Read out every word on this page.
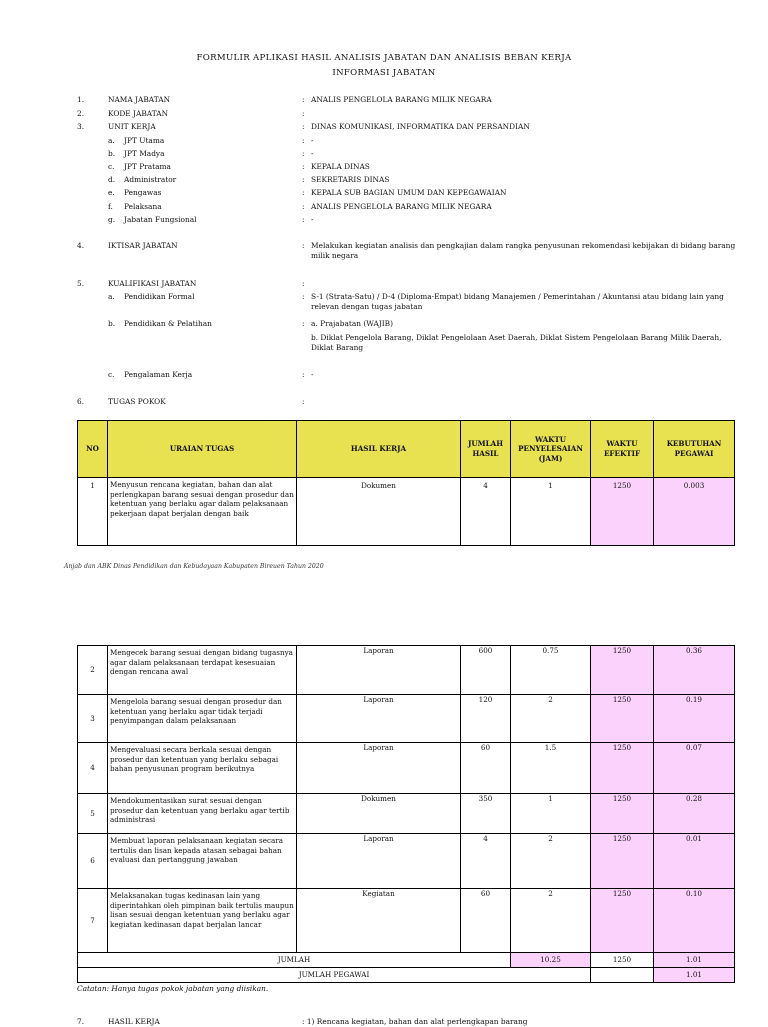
FORMULIR APLIKASI HASIL ANALISIS JABATAN DAN ANALISIS BEBAN KERJA
INFORMASI JABATAN
1.	NAMA JABATAN	: ANALIS PENGELOLA BARANG MILIK NEGARA
2.	KODE JABATAN	:
3.	UNIT KERJA	: DINAS KOMUNIKASI, INFORMATIKA DAN PERSANDIAN
a. JPT Utama	: -
b. JPT Madya	: -
c. JPT Pratama	: KEPALA DINAS
d. Administrator	: SEKRETARIS DINAS
e. Pengawas	: KEPALA SUB BAGIAN UMUM DAN KEPEGAWAIAN
f. Pelaksana	: ANALIS PENGELOLA BARANG MILIK NEGARA
g. Jabatan Fungsional	: -
4.	IKTISAR JABATAN	: Melakukan kegiatan analisis dan pengkajian dalam rangka penyusunan rekomendasi kebijakan di bidang barang milik negara
5.	KUALIFIKASI JABATAN	:
a. Pendidikan Formal	: S-1 (Strata-Satu) / D-4 (Diploma-Empat) bidang Manajemen / Pemerintahan / Akuntansi atau bidang lain yang relevan dengan tugas jabatan
b. Pendidikan & Pelatihan	: a. Prajabatan (WAJIB)
b. Diklat Pengelola Barang, Diklat Pengelolaan Aset Daerah, Diklat Sistem Pengelolaan Barang Milik Daerah, Diklat Barang
c. Pengalaman Kerja	: -
6.	TUGAS POKOK	:
NO	URAIAN TUGAS	HASIL KERJA	JUMLAH HASIL	WAKTU PENYELESAIAN (JAM)	WAKTU EFEKTIF	KEBUTUHAN PEGAWAI
1	Menyusun rencana kegiatan, bahan dan alat perlengkapan barang sesuai dengan prosedur dan ketentuan yang berlaku agar dalam pelaksanaan pekerjaan dapat berjalan dengan baik	Dokumen	4	1	1250	0.003
Anjab dan ABK Dinas Pendidikan dan Kebudayaan Kabupaten Bireuen Tahun 2020
2	Mengecek barang sesuai dengan bidang tugasnya agar dalam pelaksanaan terdapat kesesuaian dengan rencana awal	Laporan	600	0.75	1250	0.36
3	Mengelola barang sesuai dengan prosedur dan ketentuan yang berlaku agar tidak terjadi penyimpangan dalam pelaksanaan	Laporan	120	2	1250	0.19
4	Mengevaluasi secara berkala sesuai dengan prosedur dan ketentuan yang berlaku sebagai bahan penyusunan program berikutnya	Laporan	60	1.5	1250	0.07
5	Mendokumentasikan surat sesuai dengan prosedur dan ketentuan yang berlaku agar tertib administrasi	Dokumen	350	1	1250	0.28
6	Membuat laporan pelaksanaan kegiatan secara tertulis dan lisan kepada atasan sebagai bahan evaluasi dan pertanggung jawaban	Laporan	4	2	1250	0.01
7	Melaksanakan tugas kedinasan lain yang diperintahkan oleh pimpinan baik tertulis maupun lisan sesuai dengan ketentuan yang berlaku agar kegiatan kedinasan dapat berjalan lancar	Kegiatan	60	2	1250	0.10
JUMLAH				10.25	1250	1.01
JUMLAH PEGAWAI						1.01
Catatan: Hanya tugas pokok jabatan yang diisikan.
7.	HASIL KERJA	: 1) Rencana kegiatan, bahan dan alat perlengkapan barang
